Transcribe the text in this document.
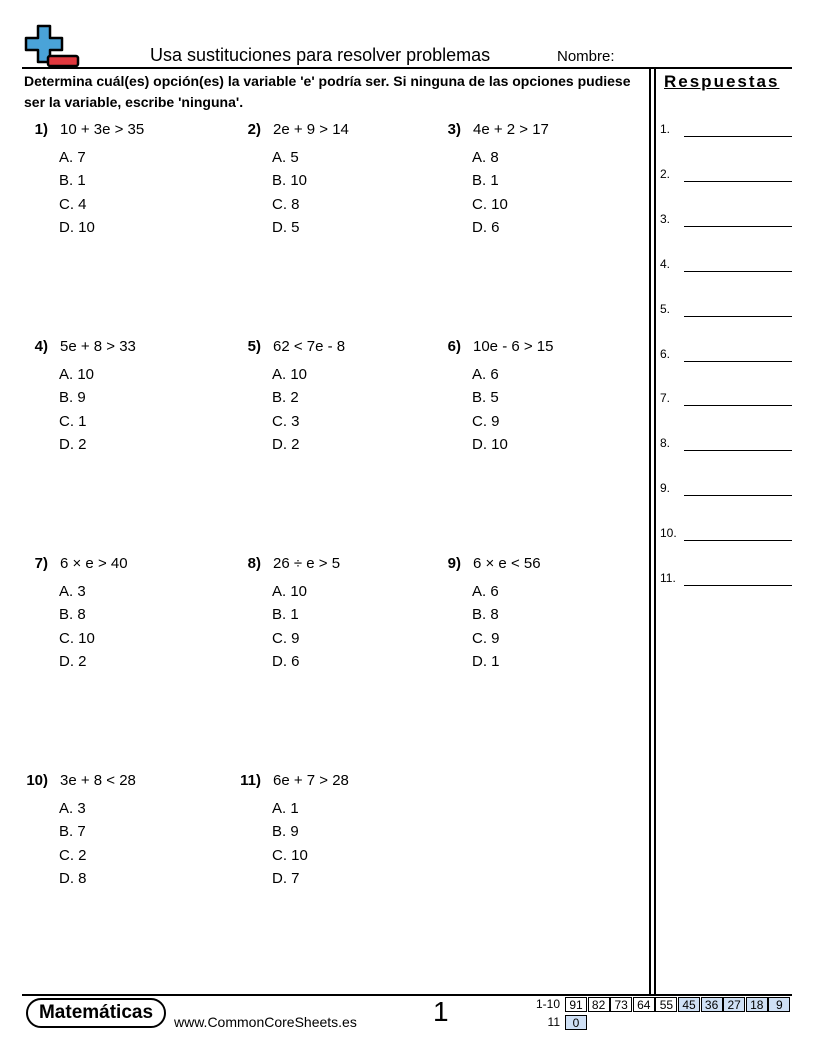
Usa sustituciones para resolver problemas	Nombre:
Determina cuál(es) opción(es) la variable 'e' podría ser. Si ninguna de las opciones pudiese ser la variable, escribe 'ninguna'.
Respuestas
1.
2.
3.
4.
5.
6.
7.
8.
9.
10.
11.
1) 10 + 3e > 35
A. 7
B. 1
C. 4
D. 10
2) 2e + 9 > 14
A. 5
B. 10
C. 8
D. 5
3) 4e + 2 > 17
A. 8
B. 1
C. 10
D. 6
4) 5e + 8 > 33
A. 10
B. 9
C. 1
D. 2
5) 62 < 7e - 8
A. 10
B. 2
C. 3
D. 2
6) 10e - 6 > 15
A. 6
B. 5
C. 9
D. 10
7) 6 × e > 40
A. 3
B. 8
C. 10
D. 2
8) 26 ÷ e > 5
A. 10
B. 1
C. 9
D. 6
9) 6 × e < 56
A. 6
B. 8
C. 9
D. 1
10) 3e + 8 < 28
A. 3
B. 7
C. 2
D. 8
11) 6e + 7 > 28
A. 1
B. 9
C. 10
D. 7
Matemáticas	www.CommonCoreSheets.es	1	1-10 91 82 73 64 55 45 36 27 18	9
11	0
